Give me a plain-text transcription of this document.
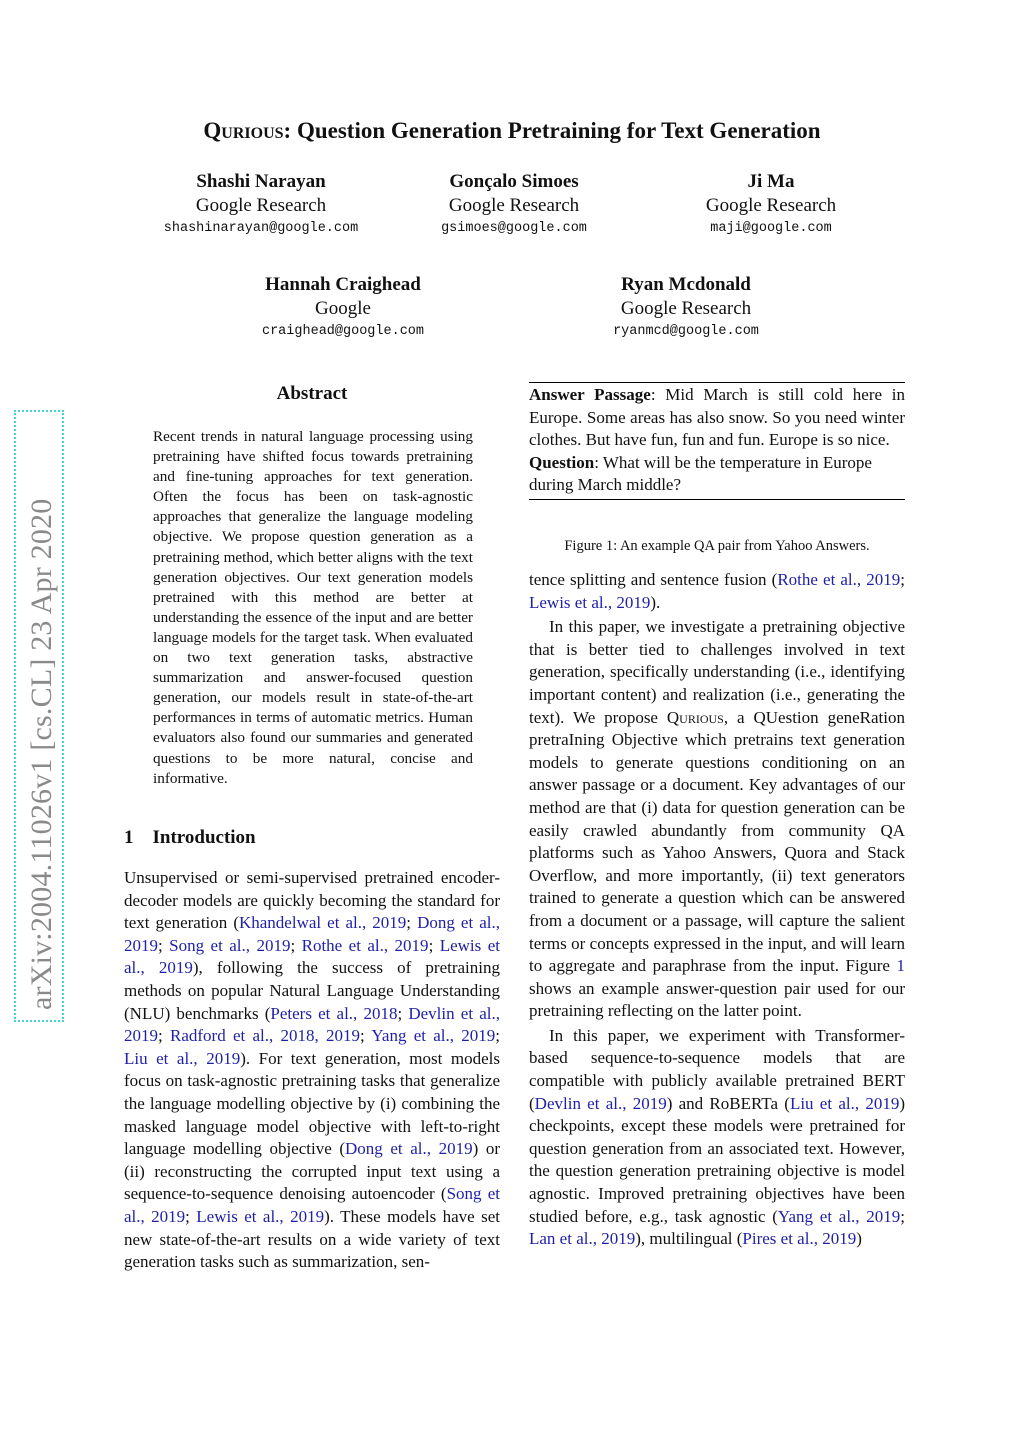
arXiv:2004.11026v1 [cs.CL] 23 Apr 2020
Qurious: Question Generation Pretraining for Text Generation
Shashi Narayan
Google Research
shashinarayan@google.com
Gonçalo Simoes
Google Research
gsimoes@google.com
Ji Ma
Google Research
maji@google.com
Hannah Craighead
Google
craighead@google.com
Ryan Mcdonald
Google Research
ryanmcd@google.com
Abstract
Recent trends in natural language processing using pretraining have shifted focus towards pretraining and fine-tuning approaches for text generation. Often the focus has been on task-agnostic approaches that generalize the language modeling objective. We propose question generation as a pretraining method, which better aligns with the text generation objectives. Our text generation models pretrained with this method are better at understanding the essence of the input and are better language models for the target task. When evaluated on two text generation tasks, abstractive summarization and answer-focused question generation, our models result in state-of-the-art performances in terms of automatic metrics. Human evaluators also found our summaries and generated questions to be more natural, concise and informative.
1    Introduction

Unsupervised or semi-supervised pretrained encoder-decoder models are quickly becoming the standard for text generation (Khandelwal et al., 2019; Dong et al., 2019; Song et al., 2019; Rothe et al., 2019; Lewis et al., 2019), following the success of pretraining methods on popular Natural Language Understanding (NLU) benchmarks (Peters et al., 2018; Devlin et al., 2019; Radford et al., 2018, 2019; Yang et al., 2019; Liu et al., 2019). For text generation, most models focus on task-agnostic pretraining tasks that generalize the language modelling objective by (i) combining the masked language model objective with left-to-right language modelling objective (Dong et al., 2019) or (ii) reconstructing the corrupted input text using a sequence-to-sequence denoising autoencoder (Song et al., 2019; Lewis et al., 2019). These models have set new state-of-the-art results on a wide variety of text generation tasks such as summarization, sen-

Answer Passage: Mid March is still cold here in Europe. Some areas has also snow. So you need winter clothes. But have fun, fun and fun. Europe is so nice.
Question: What will be the temperature in Europe during March middle?
Figure 1: An example QA pair from Yahoo Answers.

tence splitting and sentence fusion (Rothe et al., 2019; Lewis et al., 2019).

In this paper, we investigate a pretraining objective that is better tied to challenges involved in text generation, specifically understanding (i.e., identifying important content) and realization (i.e., generating the text). We propose Qurious, a QUestion geneRation pretraIning Objective which pretrains text generation models to generate questions conditioning on an answer passage or a document. Key advantages of our method are that (i) data for question generation can be easily crawled abundantly from community QA platforms such as Yahoo Answers, Quora and Stack Overflow, and more importantly, (ii) text generators trained to generate a question which can be answered from a document or a passage, will capture the salient terms or concepts expressed in the input, and will learn to aggregate and paraphrase from the input. Figure 1 shows an example answer-question pair used for our pretraining reflecting on the latter point.

In this paper, we experiment with Transformer-based sequence-to-sequence models that are compatible with publicly available pretrained BERT (Devlin et al., 2019) and RoBERTa (Liu et al., 2019) checkpoints, except these models were pretrained for question generation from an associated text. However, the question generation pretraining objective is model agnostic. Improved pretraining objectives have been studied before, e.g., task agnostic (Yang et al., 2019; Lan et al., 2019), multilingual (Pires et al., 2019)
